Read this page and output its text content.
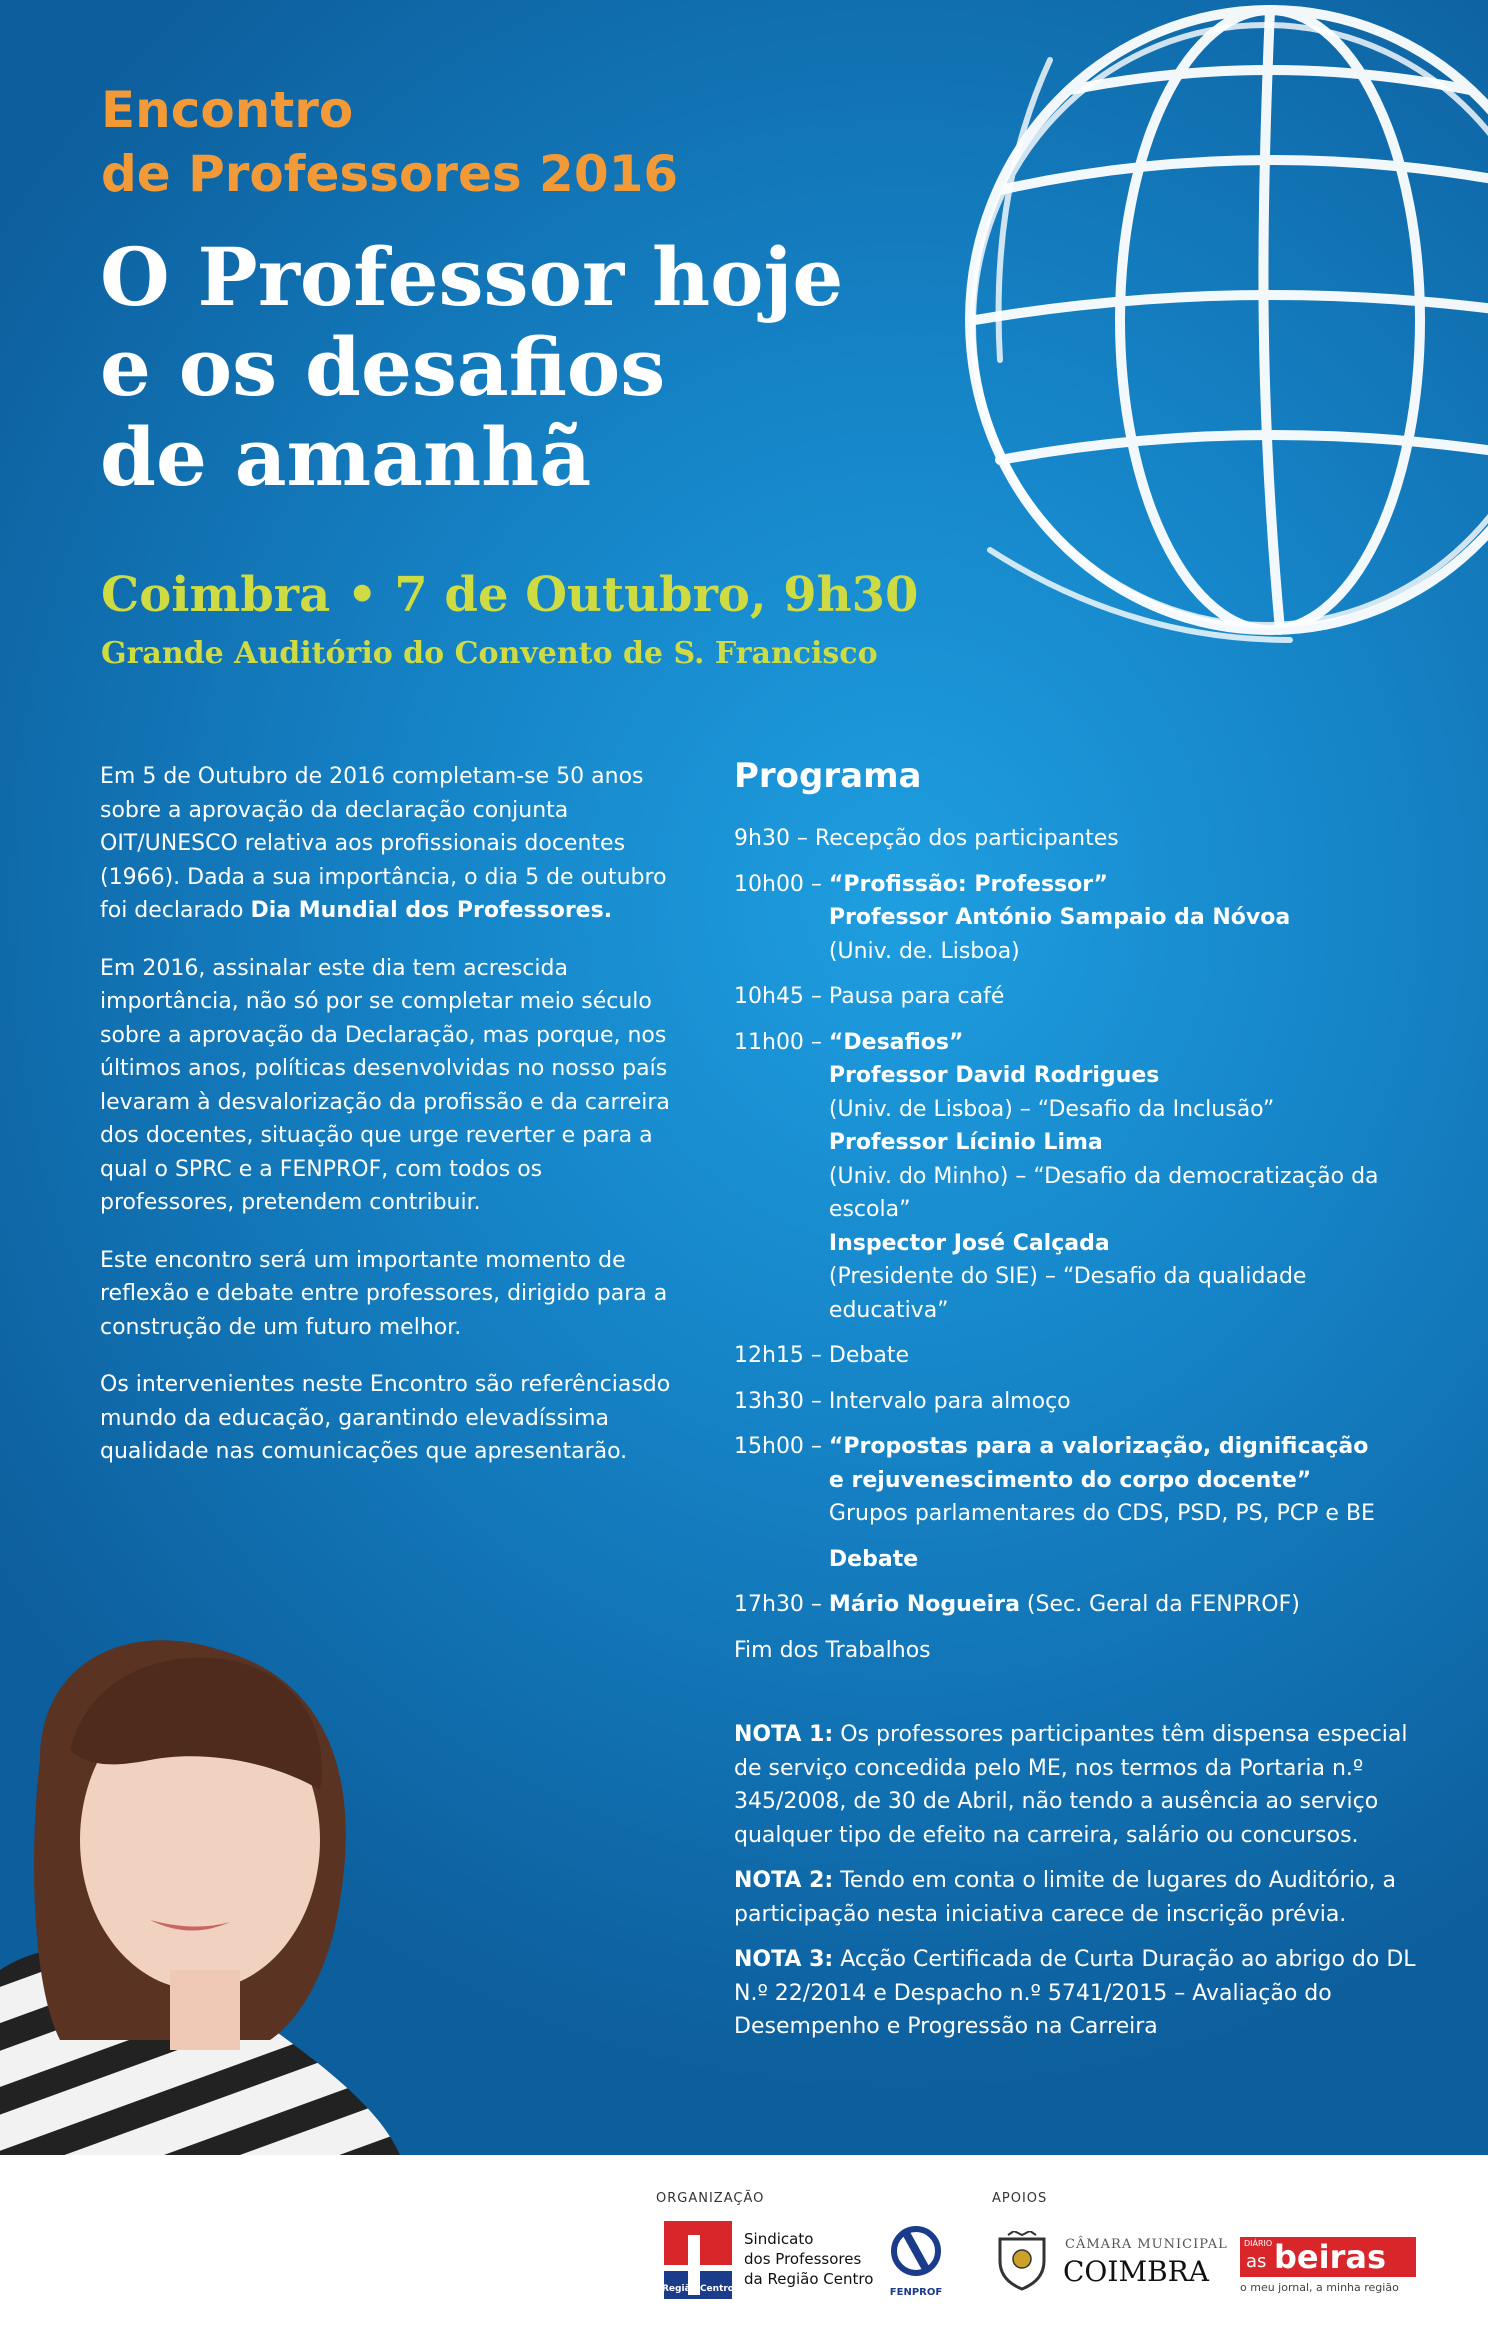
Encontro
de Professores 2016
O Professor hoje
e os desafios
de amanhã
Coimbra • 7 de Outubro, 9h30
Grande Auditório do Convento de S. Francisco

Em 5 de Outubro de 2016 completam-se 50 anos sobre a aprovação da declaração conjunta OIT/UNESCO relativa aos profissionais docentes (1966). Dada a sua importância, o dia 5 de outubro foi declarado Dia Mundial dos Professores.

Em 2016, assinalar este dia tem acrescida importância, não só por se completar meio século sobre a aprovação da Declaração, mas porque, nos últimos anos, políticas desenvolvidas no nosso país levaram à desvalorização da profissão e da carreira dos docentes, situação que urge reverter e para a qual o SPRC e a FENPROF, com todos os professores, pretendem contribuir.

Este encontro será um importante momento de reflexão e debate entre professores, dirigido para a construção de um futuro melhor.

Os intervenientes neste Encontro são referênciasdo mundo da educação, garantindo elevadíssima qualidade nas comunicações que apresentarão.

Programa
9h30 – Recepção dos participantes
10h00 – “Profissão: Professor”
Professor António Sampaio da Nóvoa
(Univ. de. Lisboa)
10h45 – Pausa para café
11h00 – “Desafios”
Professor David Rodrigues
(Univ. de Lisboa) – “Desafio da Inclusão”
Professor Lícinio Lima
(Univ. do Minho) – “Desafio da democratização da
escola”
Inspector José Calçada
(Presidente do SIE) – “Desafio da qualidade
educativa”
12h15 – Debate
13h30 – Intervalo para almoço
15h00 – “Propostas para a valorização, dignificação
e rejuvenescimento do corpo docente”
Grupos parlamentares do CDS, PSD, PS, PCP e BE
Debate
17h30 – Mário Nogueira (Sec. Geral da FENPROF)
Fim dos Trabalhos

NOTA 1: Os professores participantes têm dispensa especial de serviço concedida pelo ME, nos termos da Portaria n.º 345/2008, de 30 de Abril, não tendo a ausência ao serviço qualquer tipo de efeito na carreira, salário ou concursos.

NOTA 2: Tendo em conta o limite de lugares do Auditório, a participação nesta iniciativa carece de inscrição prévia.

NOTA 3: Acção Certificada de Curta Duração ao abrigo do DL N.º 22/2014 e Despacho n.º 5741/2015 – Avaliação do Desempenho e Progressão na Carreira

ORGANIZAÇÃO
Região Centro
Sindicato
dos Professores
da Região Centro
FENPROF
APOIOS
CÂMARA MUNICIPAL
COIMBRA
DIÁRIO
as beiras
o meu jornal, a minha região
